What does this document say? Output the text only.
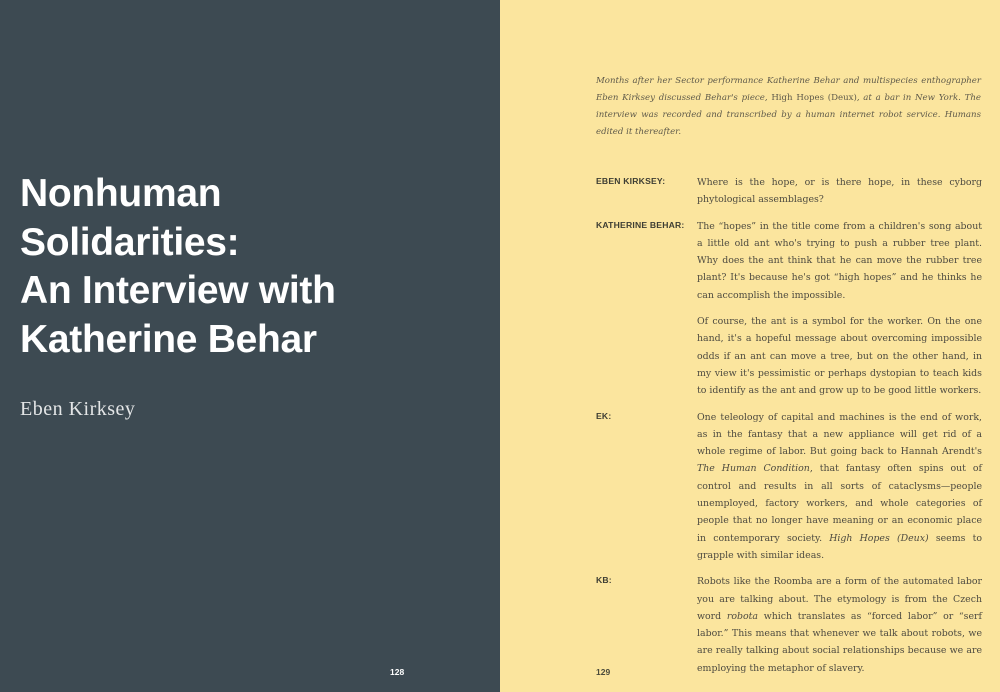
Nonhuman
Solidarities:
An Interview with
Katherine Behar
Eben Kirksey
128

Months after her Sector performance Katherine Behar and multispecies enthographer Eben Kirksey discussed Behar's piece, High Hopes (Deux), at a bar in New York. The interview was recorded and transcribed by a human internet robot service. Humans edited it thereafter.

EBEN KIRKSEY:	Where is the hope, or is there hope, in these cyborg phytological assemblages?

KATHERINE BEHAR:	The “hopes” in the title come from a children's song about a little old ant who's trying to push a rubber tree plant. Why does the ant think that he can move the rubber tree plant? It's because he's got “high hopes” and he thinks he can accomplish the impossible.

Of course, the ant is a symbol for the worker. On the one hand, it's a hopeful message about overcoming impossible odds if an ant can move a tree, but on the other hand, in my view it's pessimistic or perhaps dystopian to teach kids to identify as the ant and grow up to be good little workers.

EK:	One teleology of capital and machines is the end of work, as in the fantasy that a new appliance will get rid of a whole regime of labor. But going back to Hannah Arendt's The Human Condition, that fantasy often spins out of control and results in all sorts of cataclysms—people unemployed, factory workers, and whole categories of people that no longer have meaning or an economic place in contemporary society. High Hopes (Deux) seems to grapple with similar ideas.

KB:	Robots like the Roomba are a form of the automated labor you are talking about. The etymology is from the Czech word robota which translates as “forced labor” or “serf labor.” This means that whenever we talk about robots, we are really talking about social relationships because we are employing the metaphor of slavery.

129
